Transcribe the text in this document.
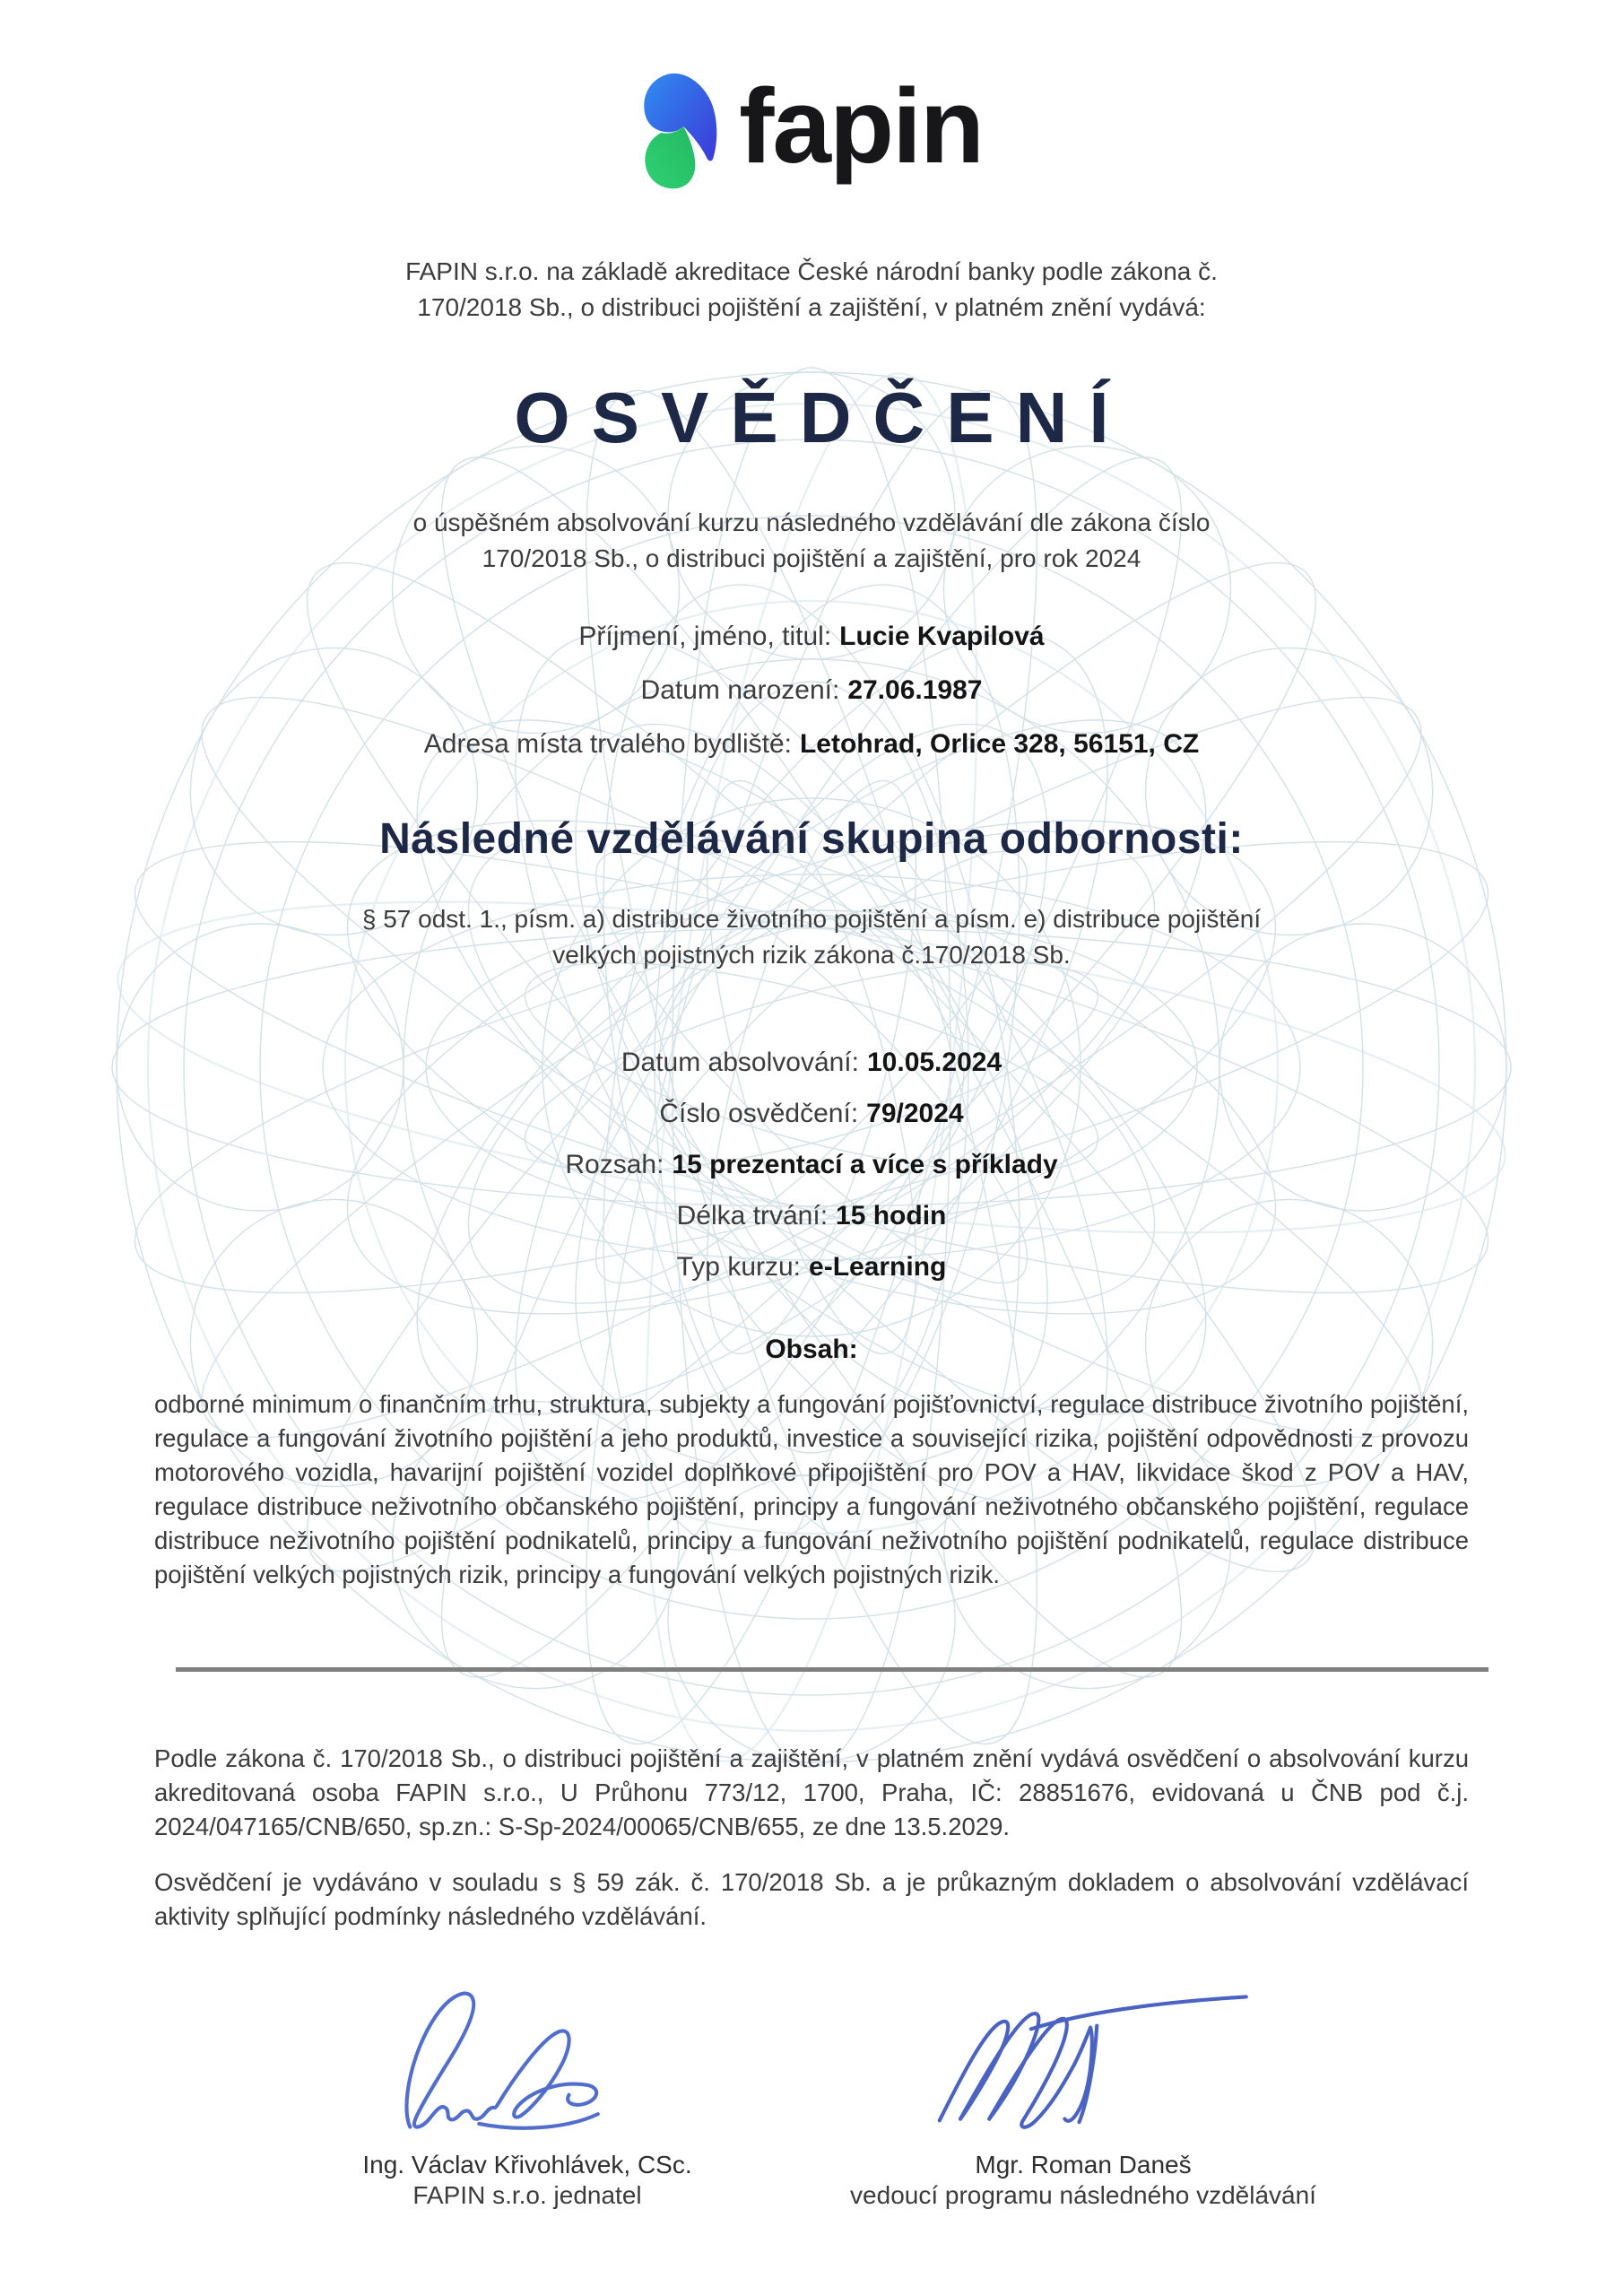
fapin
FAPIN s.r.o. na základě akreditace České národní banky podle zákona č. 170/2018 Sb., o distribuci pojištění a zajištění, v platném znění vydává:
OSVĚDČENÍ
o úspěšném absolvování kurzu následného vzdělávání dle zákona číslo 170/2018 Sb., o distribuci pojištění a zajištění, pro rok 2024
Příjmení, jméno, titul: Lucie Kvapilová
Datum narození: 27.06.1987
Adresa místa trvalého bydliště: Letohrad, Orlice 328, 56151, CZ
Následné vzdělávání skupina odbornosti:
§ 57 odst. 1., písm. a) distribuce životního pojištění a písm. e) distribuce pojištění velkých pojistných rizik zákona č.170/2018 Sb.
Datum absolvování: 10.05.2024
Číslo osvědčení: 79/2024
Rozsah: 15 prezentací a více s příklady
Délka trvání: 15 hodin
Typ kurzu: e-Learning
Obsah:
odborné minimum o finančním trhu, struktura, subjekty a fungování pojišťovnictví, regulace distribuce životního pojištění, regulace a fungování životního pojištění a jeho produktů, investice a související rizika, pojištění odpovědnosti z provozu motorového vozidla, havarijní pojištění vozidel doplňkové připojištění pro POV a HAV, likvidace škod z POV a HAV, regulace distribuce neživotního občanského pojištění, principy a fungování neživotného občanského pojištění, regulace distribuce neživotního pojištění podnikatelů, principy a fungování neživotního pojištění podnikatelů, regulace distribuce pojištění velkých pojistných rizik, principy a fungování velkých pojistných rizik.
Podle zákona č. 170/2018 Sb., o distribuci pojištění a zajištění, v platném znění vydává osvědčení o absolvování kurzu akreditovaná osoba FAPIN s.r.o., U Průhonu 773/12, 1700, Praha, IČ: 28851676, evidovaná u ČNB pod č.j. 2024/047165/CNB/650, sp.zn.: S-Sp-2024/00065/CNB/655, ze dne 13.5.2029.
Osvědčení je vydáváno v souladu s § 59 zák. č. 170/2018 Sb. a je průkazným dokladem o absolvování vzdělávací aktivity splňující podmínky následného vzdělávání.
Ing. Václav Křivohlávek, CSc.
FAPIN s.r.o. jednatel
Mgr. Roman Daneš
vedoucí programu následného vzdělávání
